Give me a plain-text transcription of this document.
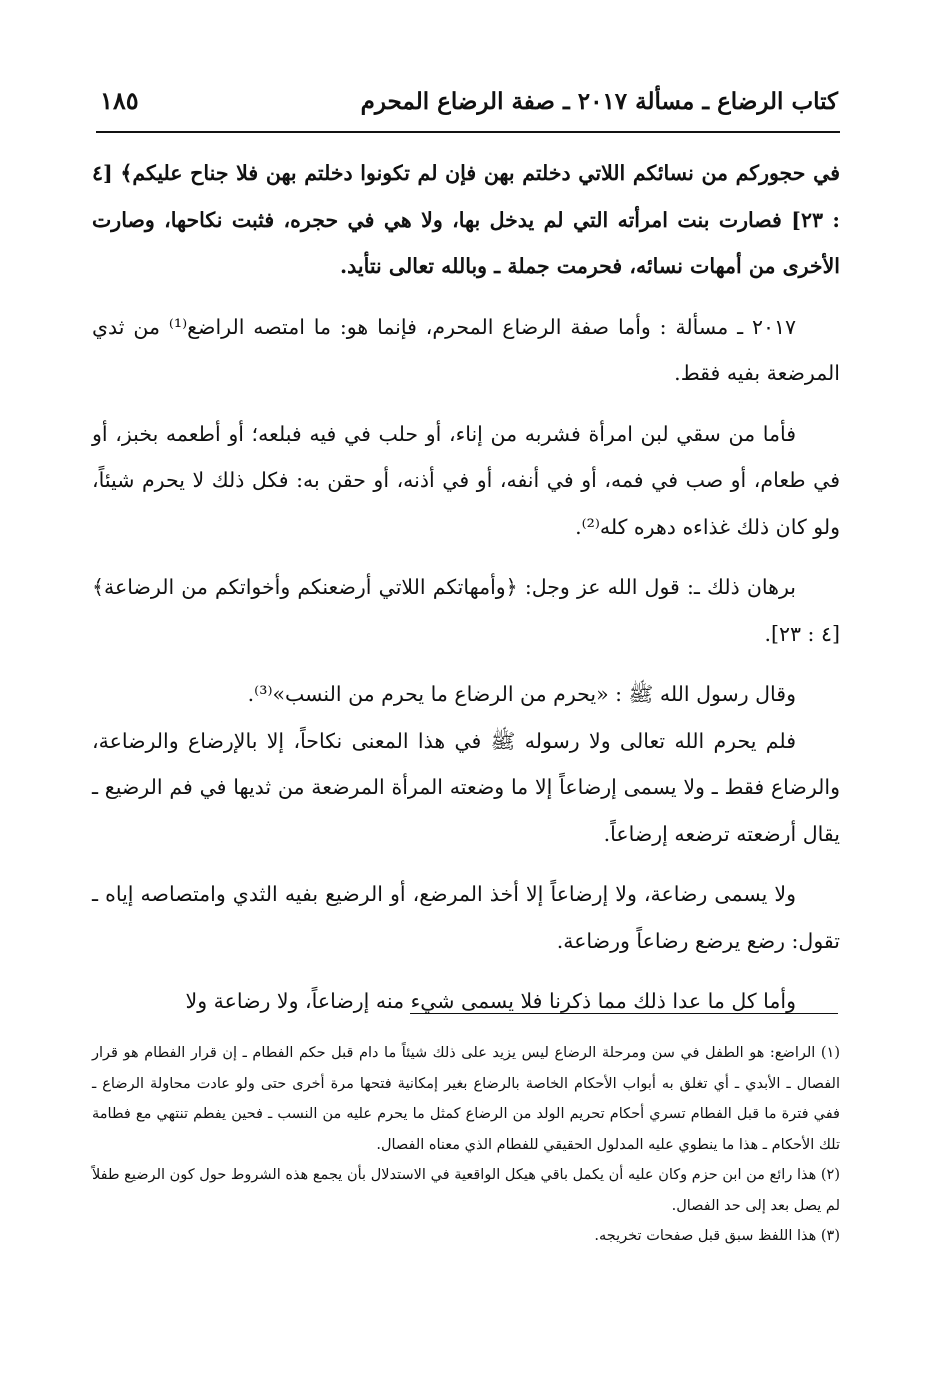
كتاب الرضاع ـ مسألة ٢٠١٧ ـ صفة الرضاع المحرم
١٨٥

في حجوركم من نسائكم اللاتي دخلتم بهن فإن لم تكونوا دخلتم بهن فلا جناح عليكم﴾ [٤ : ٢٣] فصارت بنت امرأته التي لم يدخل بها، ولا هي في حجره، فثبت نكاحها، وصارت الأخرى من أمهات نسائه، فحرمت جملة ـ وبالله تعالى نتأيد.

٢٠١٧ ـ مسألة : وأما صفة الرضاع المحرم، فإنما هو: ما امتصه الراضع⁽¹⁾ من ثدي المرضعة بفيه فقط.

فأما من سقي لبن امرأة فشربه من إناء، أو حلب في فيه فبلعه؛ أو أطعمه بخبز، أو في طعام، أو صب في فمه، أو في أنفه، أو في أذنه، أو حقن به: فكل ذلك لا يحرم شيئاً، ولو كان ذلك غذاءه دهره كله⁽²⁾.

برهان ذلك ـ: قول الله عز وجل: ﴿وأمهاتكم اللاتي أرضعنكم وأخواتكم من الرضاعة﴾ [٤ : ٢٣].

وقال رسول الله ﷺ : «يحرم من الرضاع ما يحرم من النسب»⁽³⁾.

فلم يحرم الله تعالى ولا رسوله ﷺ في هذا المعنى نكاحاً، إلا بالإرضاع والرضاعة، والرضاع فقط ـ ولا يسمى إرضاعاً إلا ما وضعته المرأة المرضعة من ثديها في فم الرضيع ـ يقال أرضعته ترضعه إرضاعاً.

ولا يسمى رضاعة، ولا إرضاعاً إلا أخذ المرضع، أو الرضيع بفيه الثدي وامتصاصه إياه ـ تقول: رضع يرضع رضاعاً ورضاعة.

وأما كل ما عدا ذلك مما ذكرنا فلا يسمى شيء منه إرضاعاً، ولا رضاعة ولا

(١) الراضع: هو الطفل في سن ومرحلة الرضاع ليس يزيد على ذلك شيئاً ما دام قبل حكم الفطام ـ إن قرار الفطام هو قرار الفصال ـ الأبدي ـ أي تغلق به أبواب الأحكام الخاصة بالرضاع بغير إمكانية فتحها مرة أخرى حتى ولو عادت محاولة الرضاع ـ ففي فترة ما قبل الفطام تسري أحكام تحريم الولد من الرضاع كمثل ما يحرم عليه من النسب ـ فحين يفطم تنتهي مع فطامة تلك الأحكام ـ هذا ما ينطوي عليه المدلول الحقيقي للفطام الذي معناه الفصال.

(٢) هذا رائع من ابن حزم وكان عليه أن يكمل باقي هيكل الواقعية في الاستدلال بأن يجمع هذه الشروط حول كون الرضيع طفلاً لم يصل بعد إلى حد الفصال.

(٣) هذا اللفظ سبق قبل صفحات تخريجه.
